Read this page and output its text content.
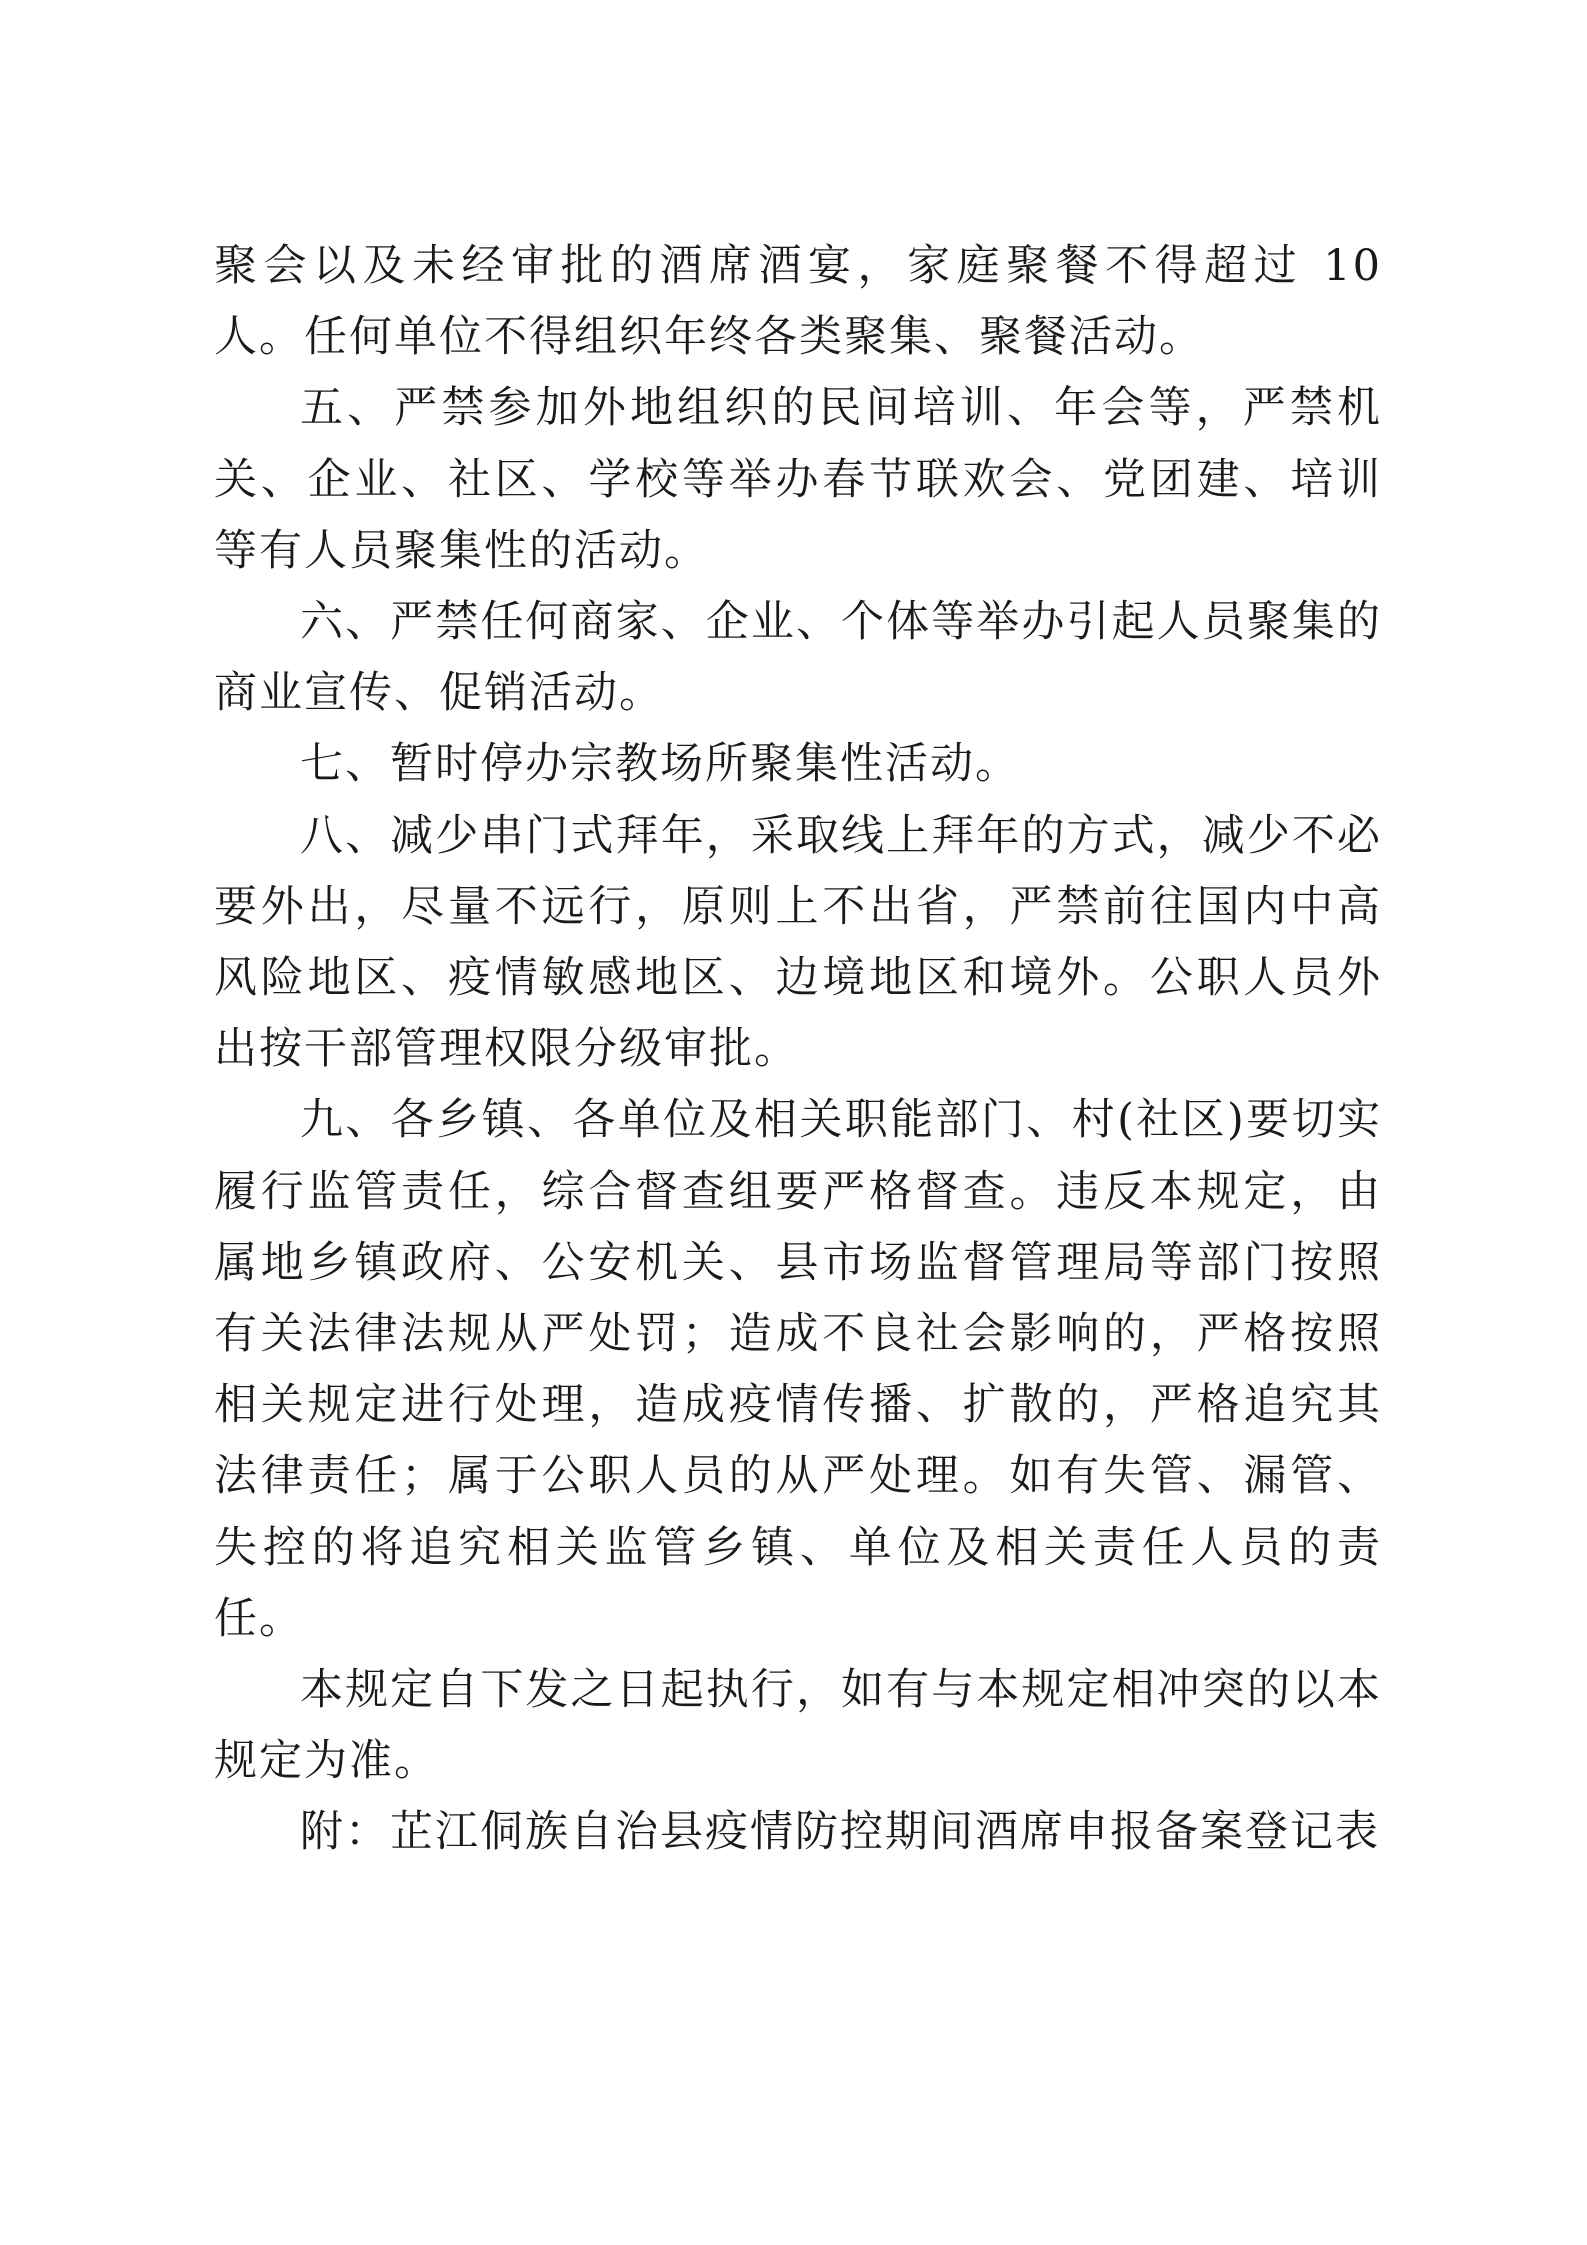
聚会以及未经审批的酒席酒宴，家庭聚餐不得超过 10 人。任何单位不得组织年终各类聚集、聚餐活动。

五、严禁参加外地组织的民间培训、年会等，严禁机关、企业、社区、学校等举办春节联欢会、党团建、培训等有人员聚集性的活动。

六、严禁任何商家、企业、个体等举办引起人员聚集的商业宣传、促销活动。

七、暂时停办宗教场所聚集性活动。

八、减少串门式拜年，采取线上拜年的方式，减少不必要外出，尽量不远行，原则上不出省，严禁前往国内中高风险地区、疫情敏感地区、边境地区和境外。公职人员外出按干部管理权限分级审批。

九、各乡镇、各单位及相关职能部门、村(社区)要切实履行监管责任，综合督查组要严格督查。违反本规定，由属地乡镇政府、公安机关、县市场监督管理局等部门按照有关法律法规从严处罚；造成不良社会影响的，严格按照相关规定进行处理，造成疫情传播、扩散的，严格追究其法律责任；属于公职人员的从严处理。如有失管、漏管、失控的将追究相关监管乡镇、单位及相关责任人员的责任。

本规定自下发之日起执行，如有与本规定相冲突的以本规定为准。

附：芷江侗族自治县疫情防控期间酒席申报备案登记表
